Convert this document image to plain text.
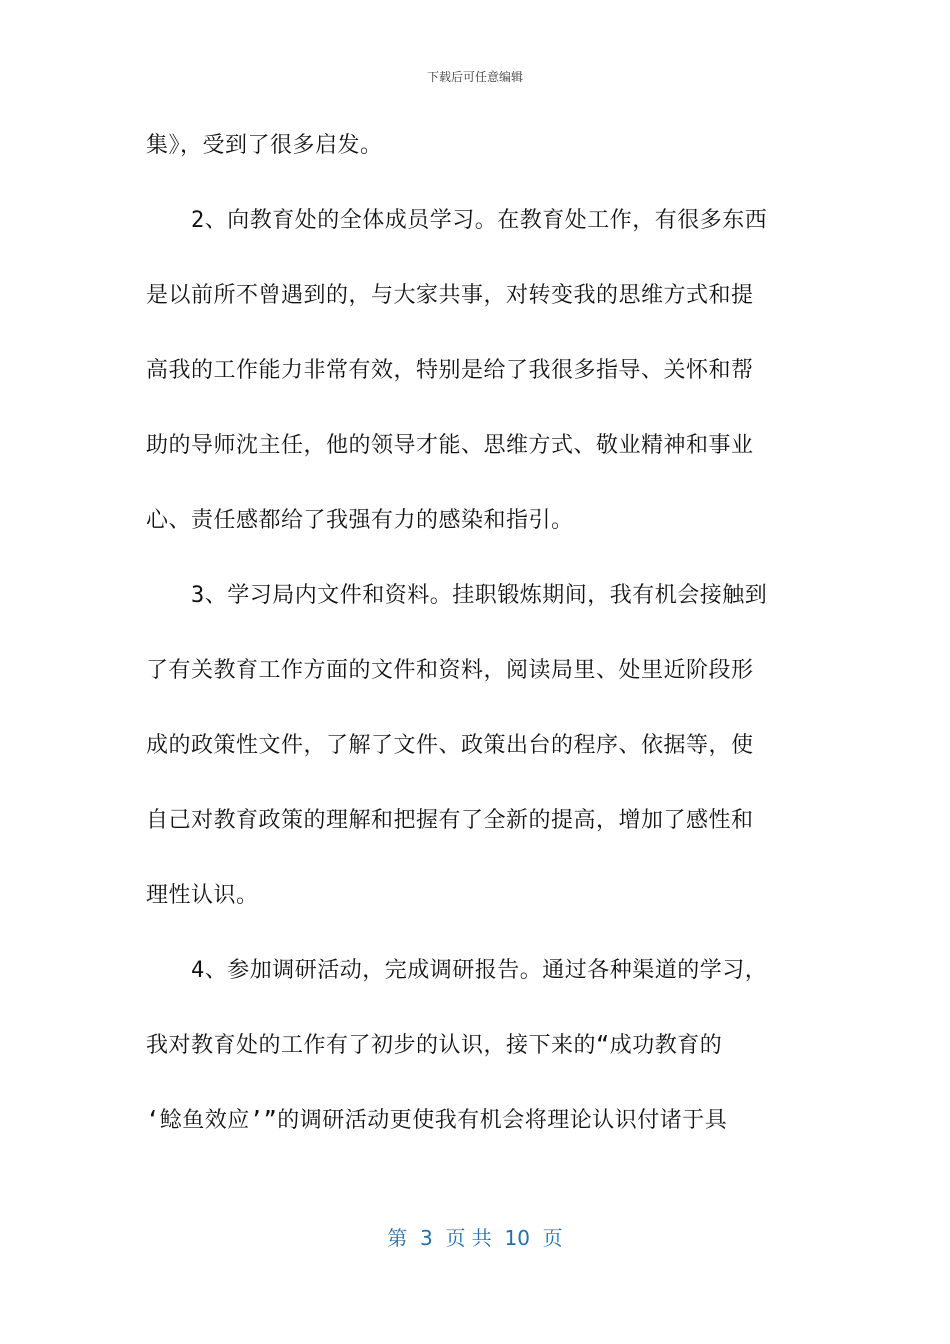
下载后可任意编辑
集》，受到了很多启发。
　　2、向教育处的全体成员学习。在教育处工作，有很多东西
是以前所不曾遇到的，与大家共事，对转变我的思维方式和提
高我的工作能力非常有效，特别是给了我很多指导、关怀和帮
助的导师沈主任，他的领导才能、思维方式、敬业精神和事业
心、责任感都给了我强有力的感染和指引。
　　3、学习局内文件和资料。挂职锻炼期间，我有机会接触到
了有关教育工作方面的文件和资料，阅读局里、处里近阶段形
成的政策性文件，了解了文件、政策出台的程序、依据等，使
自己对教育政策的理解和把握有了全新的提高，增加了感性和
理性认识。
　　4、参加调研活动，完成调研报告。通过各种渠道的学习，
我对教育处的工作有了初步的认识，接下来的“成功教育的
‘鲶鱼效应’”的调研活动更使我有机会将理论认识付诸于具
第  3  页 共  10  页
